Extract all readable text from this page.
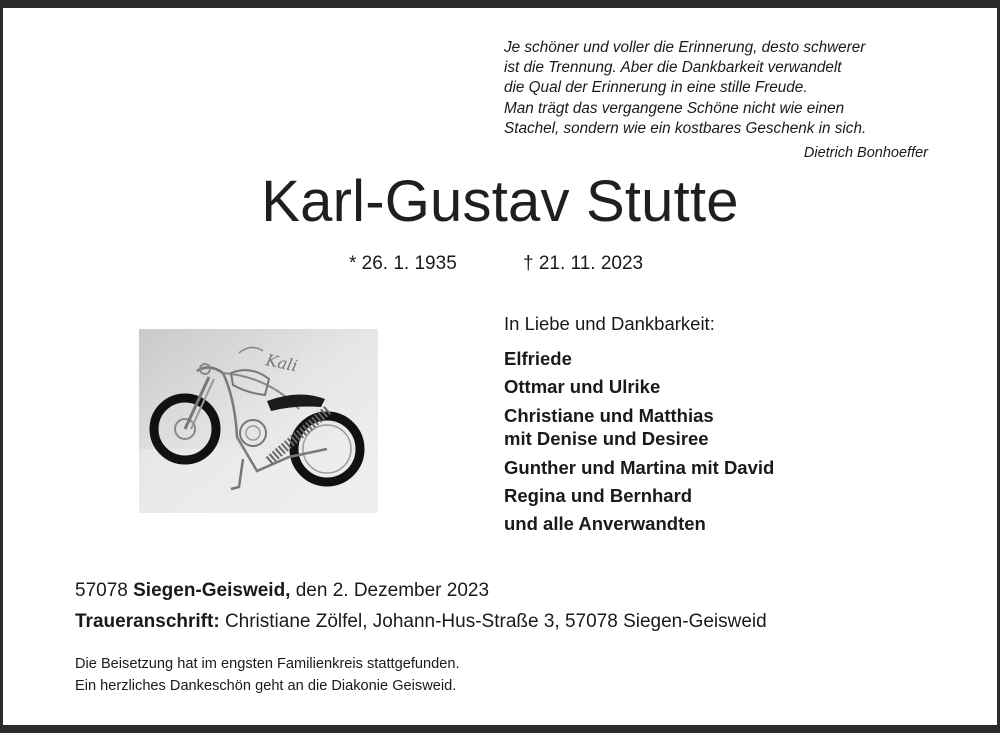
Je schöner und voller die Erinnerung, desto schwerer
ist die Trennung. Aber die Dankbarkeit verwandelt
die Qual der Erinnerung in eine stille Freude.
Man trägt das vergangene Schöne nicht wie einen
Stachel, sondern wie ein kostbares Geschenk in sich.
Dietrich Bonhoeffer
Karl-Gustav Stutte
* 26. 1. 1935	† 21. 11. 2023
Kali
In Liebe und Dankbarkeit:
Elfriede
Ottmar und Ulrike
Christiane und Matthias
mit Denise und Desiree
Gunther und Martina mit David
Regina und Bernhard
und alle Anverwandten
57078 Siegen-Geisweid, den 2. Dezember 2023
Traueranschrift: Christiane Zölfel, Johann-Hus-Straße 3, 57078 Siegen-Geisweid
Die Beisetzung hat im engsten Familienkreis stattgefunden.
Ein herzliches Dankeschön geht an die Diakonie Geisweid.
